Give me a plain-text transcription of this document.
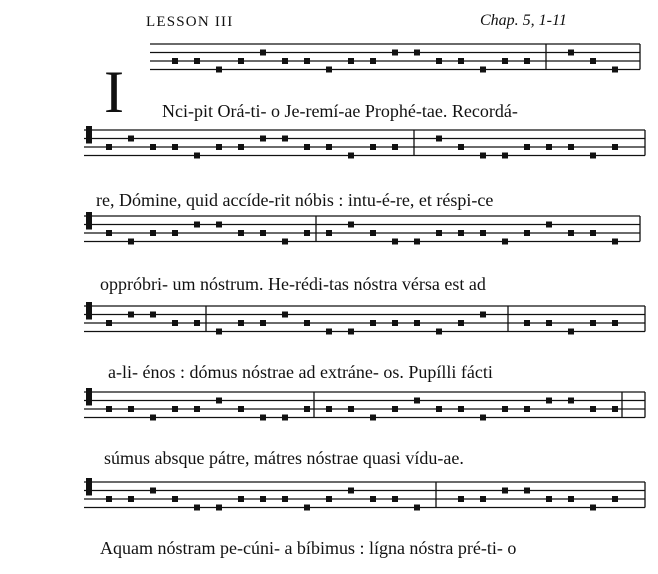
LESSON III	Chap. 5, 1-11
I Nci-pit Orá-ti- o Je-remí-ae Prophé-tae. Recordá-
re, Dómine, quid accíde-rit nóbis : intu-é-re, et réspi-ce
oppróbri- um nóstrum. He-rédi-tas nóstra vérsa est ad
a-li- énos : dómus nóstrae ad extráne- os. Pupílli fácti
súmus absque pátre, mátres nóstrae quasi vídu-ae.
Aquam nóstram pe-cúni- a bíbimus : lígna nóstra pré-ti- o
